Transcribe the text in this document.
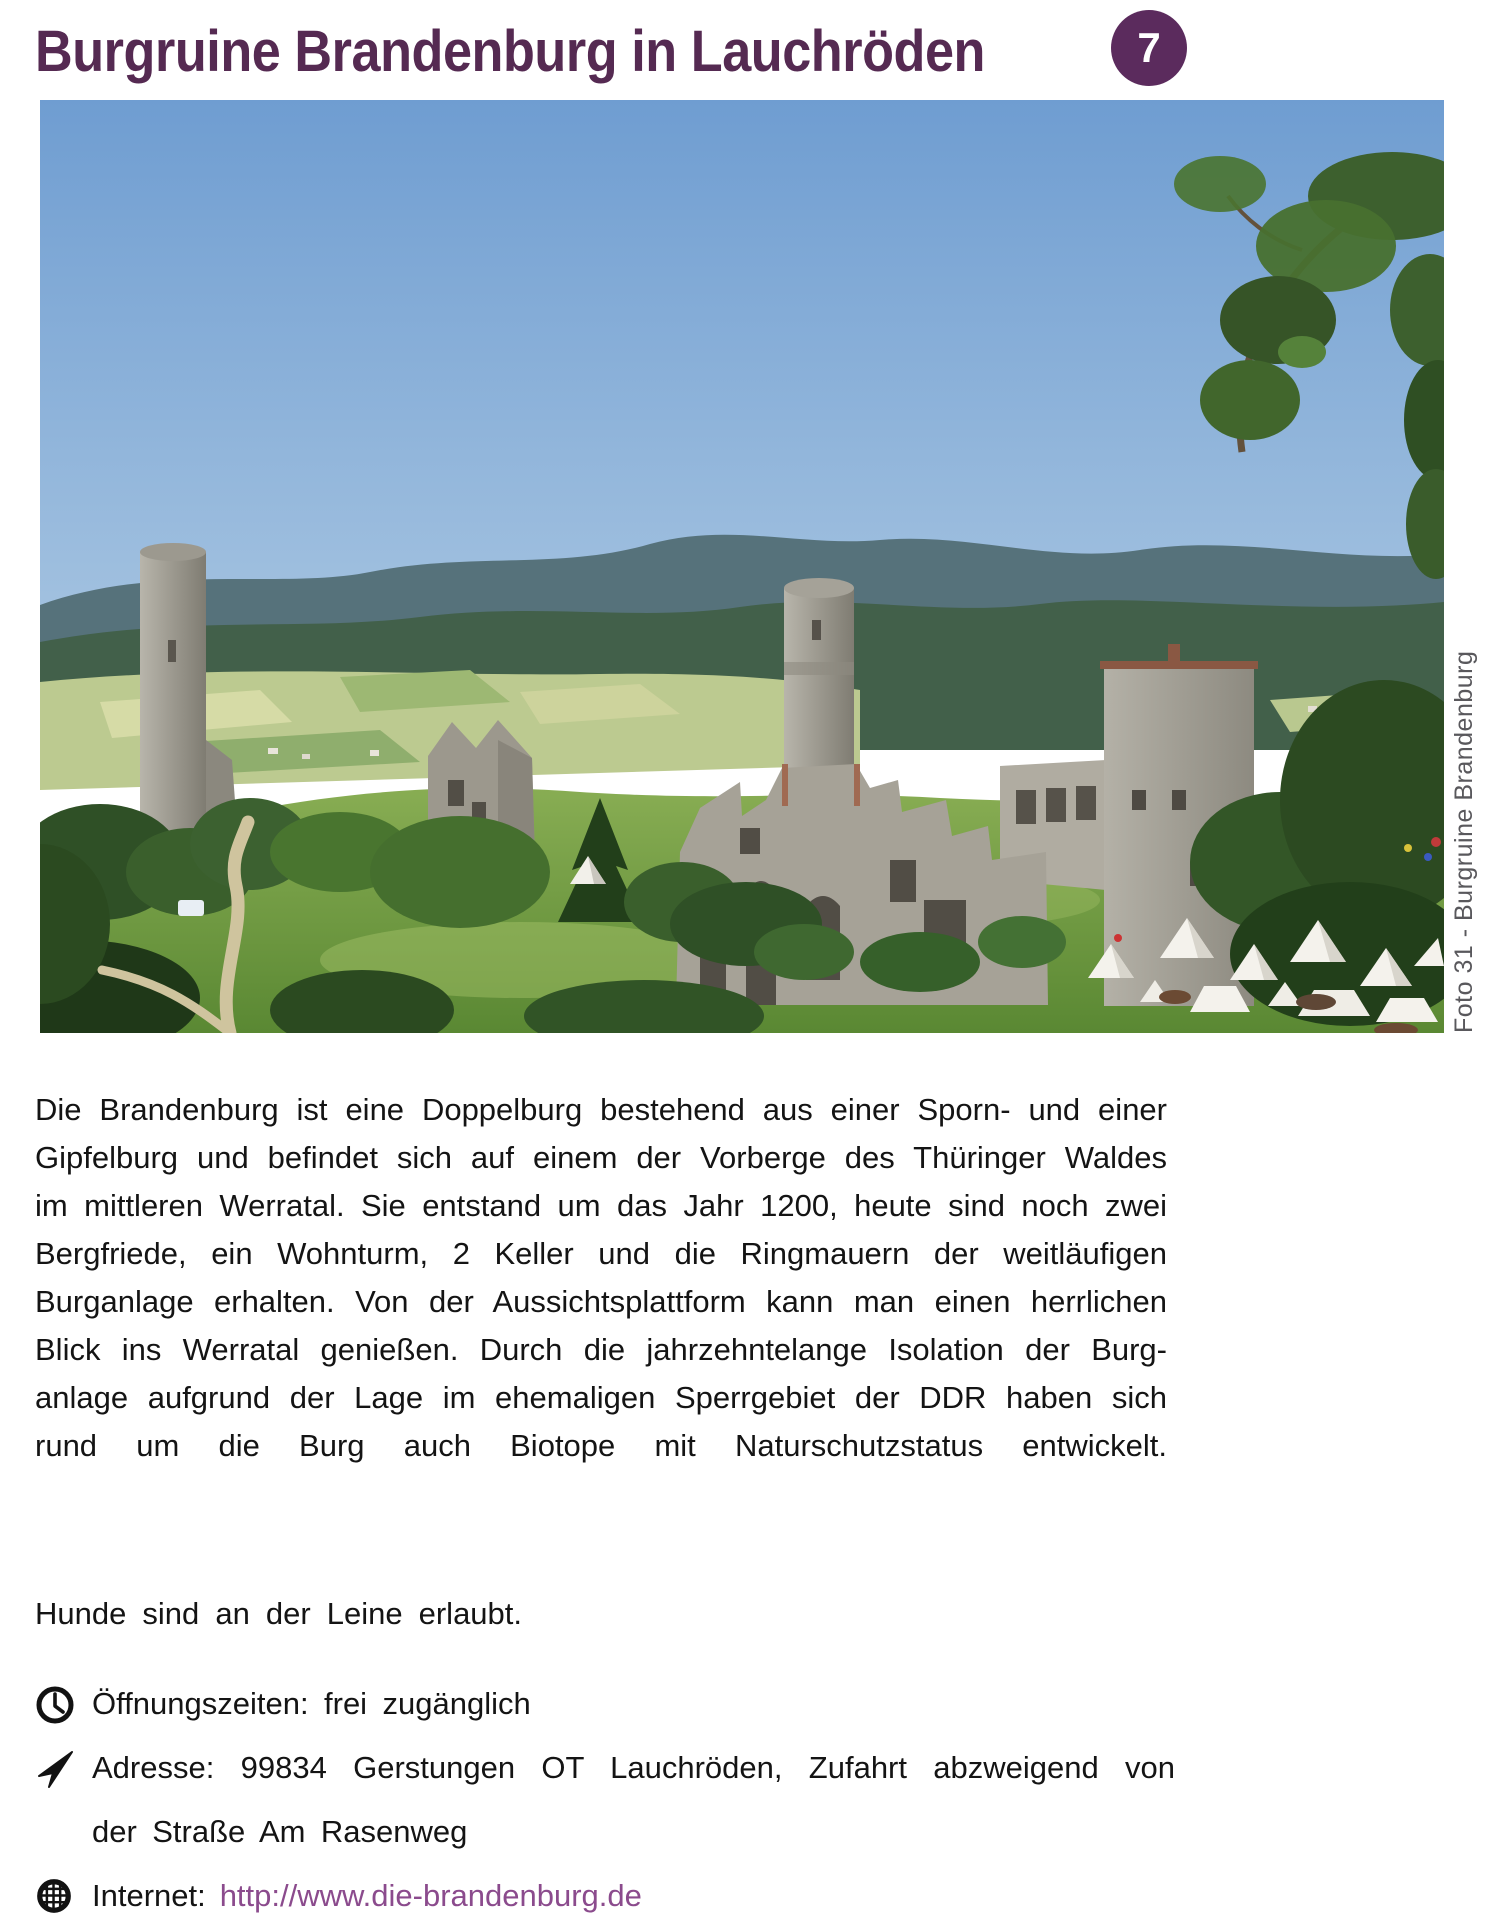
Burgruine Brandenburg in Lauchröden	7
Foto 31 - Burgruine Brandenburg
Die Brandenburg ist eine Doppelburg bestehend aus einer Sporn- und einer
Gipfelburg und befindet sich auf einem der Vorberge des Thüringer Waldes
im mittleren Werratal. Sie entstand um das Jahr 1200, heute sind noch zwei
Bergfriede, ein Wohnturm, 2 Keller und die Ringmauern der weitläufigen
Burganlage erhalten. Von der Aussichtsplattform kann man einen herrlichen
Blick ins Werratal genießen. Durch die jahrzehntelange Isolation der Burg-
anlage aufgrund der Lage im ehemaligen Sperrgebiet der DDR haben sich
rund um die Burg auch Biotope mit Naturschutzstatus entwickelt.
Hunde sind an der Leine erlaubt.
Öffnungszeiten: frei zugänglich
Adresse: 99834 Gerstungen OT Lauchröden, Zufahrt abzweigend von
der Straße Am Rasenweg
Internet: http://www.die-brandenburg.de
